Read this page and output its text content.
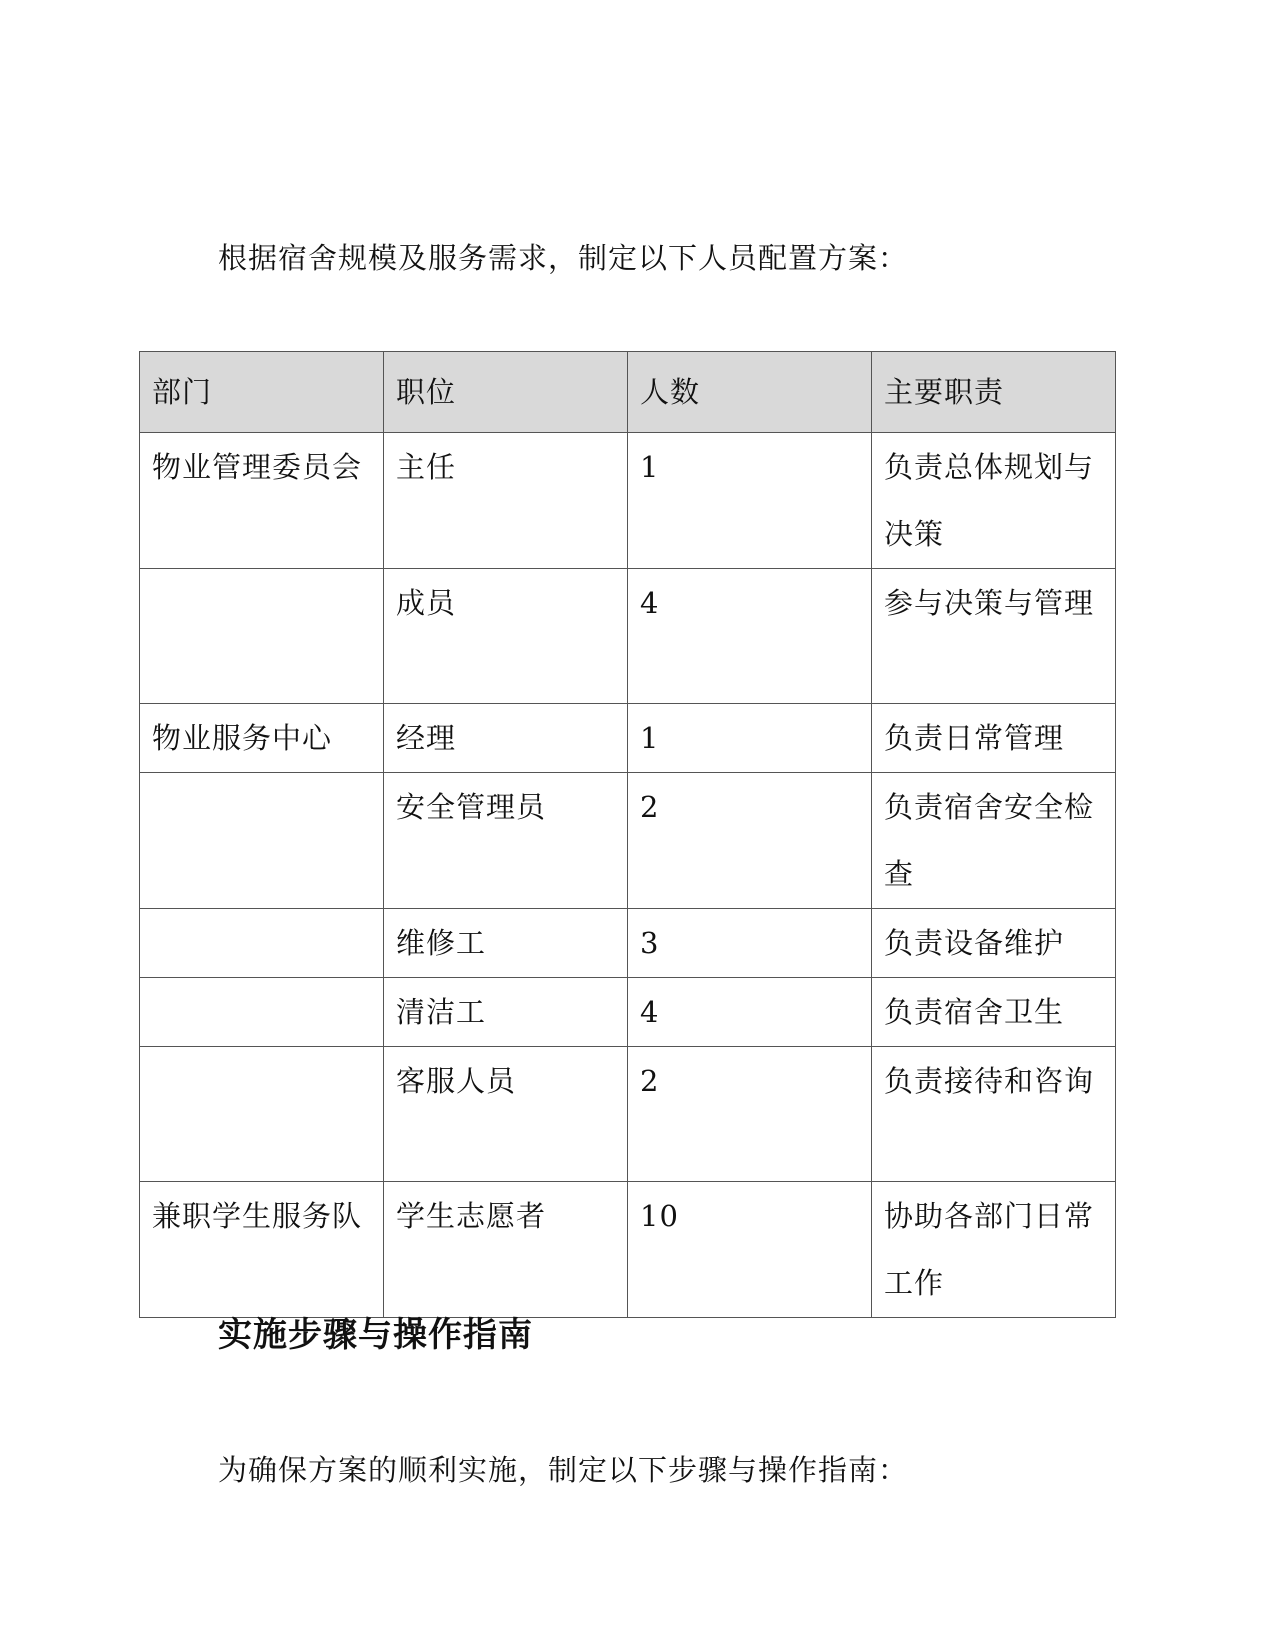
根据宿舍规模及服务需求，制定以下人员配置方案：

部门	职位	人数	主要职责

物业管理委员会	主任	1	负责总体规划与决策

	成员	4	参与决策与管理

物业服务中心	经理	1	负责日常管理

	安全管理员	2	负责宿舍安全检查

	维修工	3	负责设备维护

	清洁工	4	负责宿舍卫生

	客服人员	2	负责接待和咨询

兼职学生服务队	学生志愿者	10	协助各部门日常工作
实施步骤与操作指南

为确保方案的顺利实施，制定以下步骤与操作指南：
